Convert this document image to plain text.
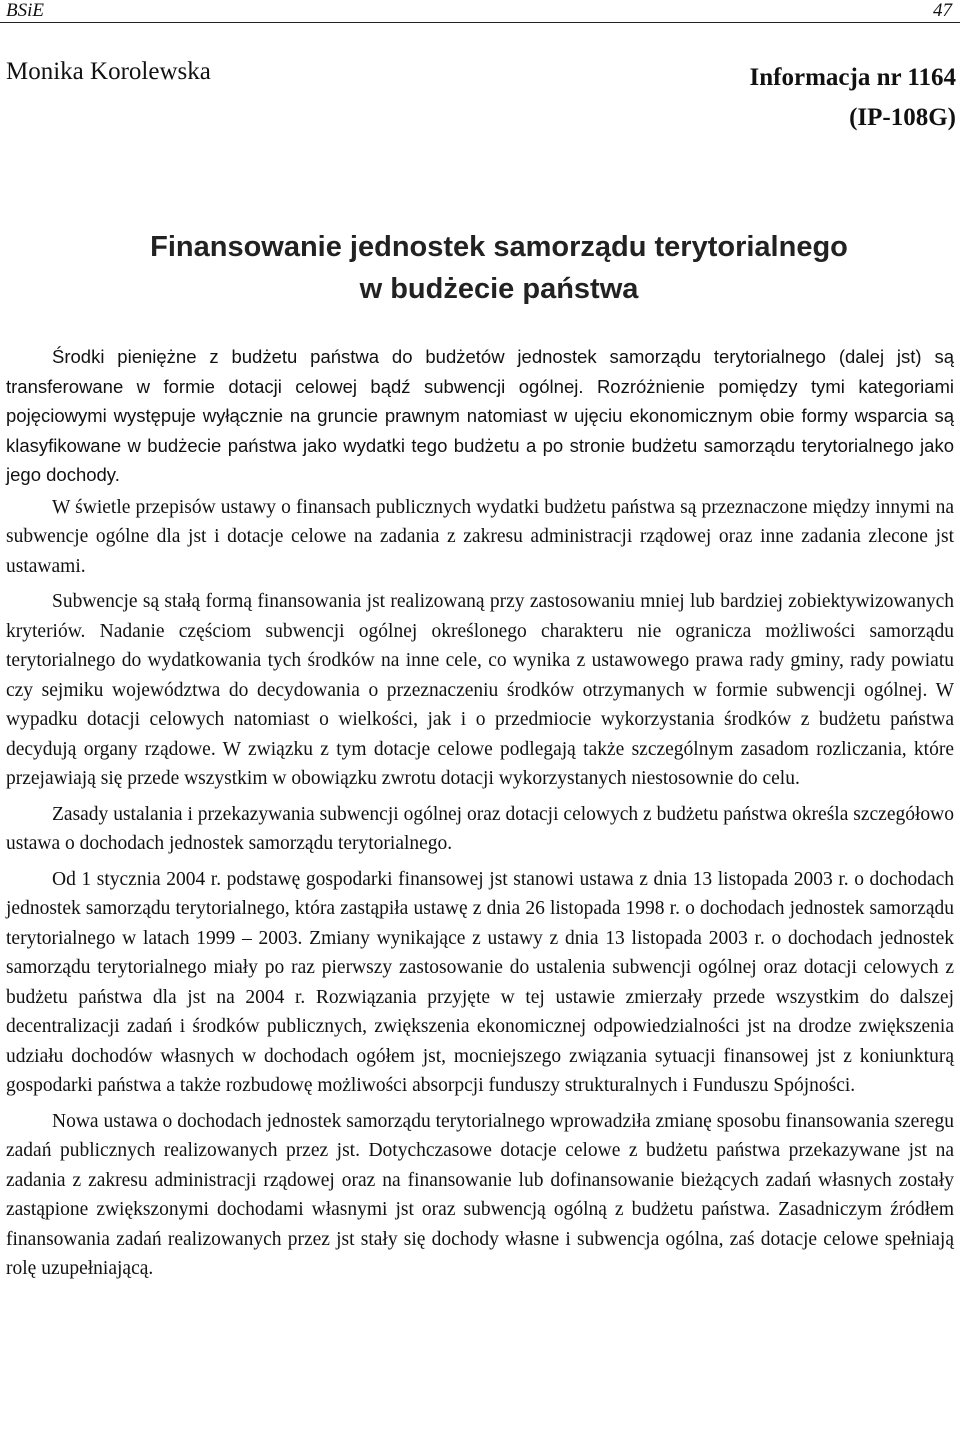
BSiE	47
Monika Korolewska	Informacja nr 1164
(IP-108G)
Finansowanie jednostek samorządu terytorialnego
w budżecie państwa

Środki pieniężne z budżetu państwa do budżetów jednostek samorządu terytorialnego (dalej jst) są transferowane w formie dotacji celowej bądź subwencji ogólnej. Rozróżnienie pomiędzy tymi kategoriami pojęciowymi występuje wyłącznie na gruncie prawnym natomiast w ujęciu ekonomicznym obie formy wsparcia są klasyfikowane w budżecie państwa jako wydatki tego budżetu a po stronie budżetu samorządu terytorialnego jako jego dochody.

W świetle przepisów ustawy o finansach publicznych wydatki budżetu państwa są przeznaczone między innymi na subwencje ogólne dla jst i dotacje celowe na zadania z zakresu administracji rządowej oraz inne zadania zlecone jst ustawami.

Subwencje są stałą formą finansowania jst realizowaną przy zastosowaniu mniej lub bardziej zobiektywizowanych kryteriów. Nadanie częściom subwencji ogólnej określonego charakteru nie ogranicza możliwości samorządu terytorialnego do wydatkowania tych środków na inne cele, co wynika z ustawowego prawa rady gminy, rady powiatu czy sejmiku województwa do decydowania o przeznaczeniu środków otrzymanych w formie subwencji ogólnej. W wypadku dotacji celowych natomiast o wielkości, jak i o przedmiocie wykorzystania środków z budżetu państwa decydują organy rządowe. W związku z tym dotacje celowe podlegają także szczególnym zasadom rozliczania, które przejawiają się przede wszystkim w obowiązku zwrotu dotacji wykorzystanych niestosownie do celu.

Zasady ustalania i przekazywania subwencji ogólnej oraz dotacji celowych z budżetu państwa określa szczegółowo ustawa o dochodach jednostek samorządu terytorialnego.

Od 1 stycznia 2004 r. podstawę gospodarki finansowej jst stanowi ustawa z dnia 13 listopada 2003 r. o dochodach jednostek samorządu terytorialnego, która zastąpiła ustawę z dnia 26 listopada 1998 r. o dochodach jednostek samorządu terytorialnego w latach 1999 – 2003. Zmiany wynikające z ustawy z dnia 13 listopada 2003 r. o dochodach jednostek samorządu terytorialnego miały po raz pierwszy zastosowanie do ustalenia subwencji ogólnej oraz dotacji celowych z budżetu państwa dla jst na 2004 r. Rozwiązania przyjęte w tej ustawie zmierzały przede wszystkim do dalszej decentralizacji zadań i środków publicznych, zwiększenia ekonomicznej odpowiedzialności jst na drodze zwiększenia udziału dochodów własnych w dochodach ogółem jst, mocniejszego związania sytuacji finansowej jst z koniunkturą gospodarki państwa a także rozbudowę możliwości absorpcji funduszy strukturalnych i Funduszu Spójności.

Nowa ustawa o dochodach jednostek samorządu terytorialnego wprowadziła zmianę sposobu finansowania szeregu zadań publicznych realizowanych przez jst. Dotychczasowe dotacje celowe z budżetu państwa przekazywane jst na zadania z zakresu administracji rządowej oraz na finansowanie lub dofinansowanie bieżących zadań własnych zostały zastąpione zwiększonymi dochodami własnymi jst oraz subwencją ogólną z budżetu państwa. Zasadniczym źródłem finansowania zadań realizowanych przez jst stały się dochody własne i subwencja ogólna, zaś dotacje celowe spełniają rolę uzupełniającą.
